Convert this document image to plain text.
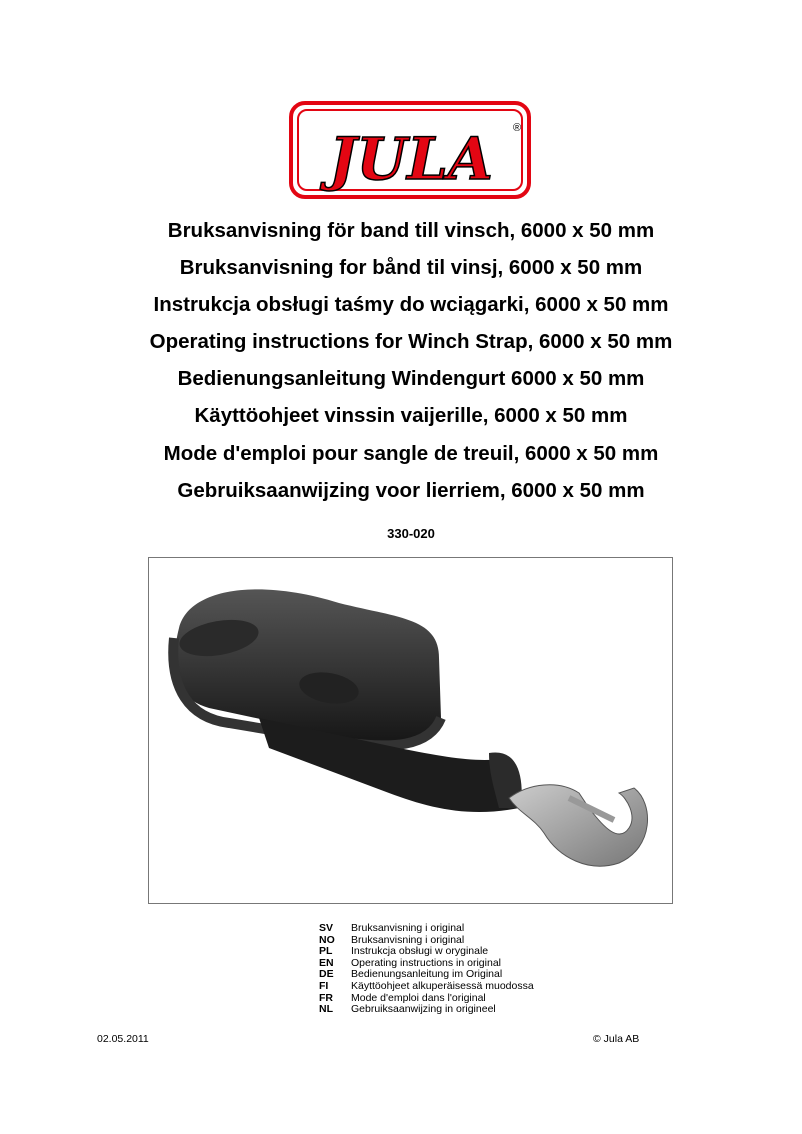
JULA ®
Bruksanvisning för band till vinsch, 6000 x 50 mm
Bruksanvisning for bånd til vinsj, 6000 x 50 mm
Instrukcja obsługi taśmy do wciągarki, 6000 x 50 mm
Operating instructions for Winch Strap, 6000 x 50 mm
Bedienungsanleitung Windengurt 6000 x 50 mm
Käyttöohjeet vinssin vaijerille, 6000 x 50 mm
Mode d'emploi pour sangle de treuil, 6000 x 50 mm
Gebruiksaanwijzing voor lierriem, 6000 x 50 mm
330-020
SV	Bruksanvisning i original
NO	Bruksanvisning i original
PL	Instrukcja obsługi w oryginale
EN	Operating instructions in original
DE	Bedienungsanleitung im Original
FI	Käyttöohjeet alkuperäisessä muodossa
FR	Mode d'emploi dans l'original
NL	Gebruiksaanwijzing in origineel
02.05.2011	© Jula AB
